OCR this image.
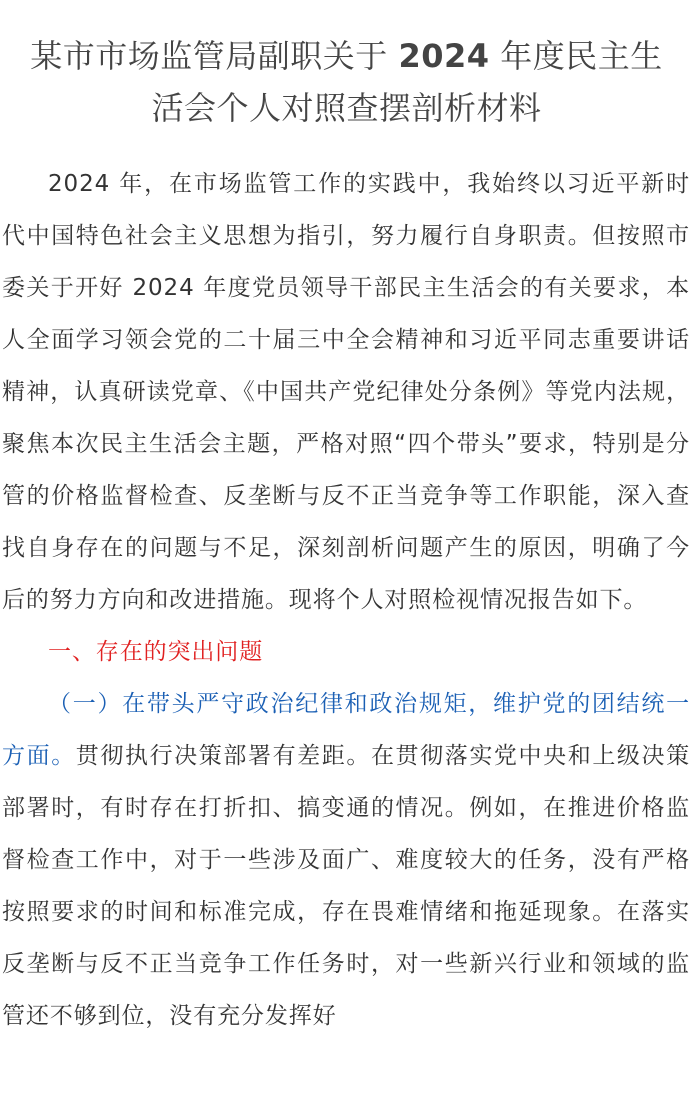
某市市场监管局副职关于 2024 年度民主生
活会个人对照查摆剖析材料

2024 年，在市场监管工作的实践中，我始终以习近平新时代中国特色社会主义思想为指引，努力履行自身职责。但按照市委关于开好 2024 年度党员领导干部民主生活会的有关要求，本人全面学习领会党的二十届三中全会精神和习近平同志重要讲话精神，认真研读党章、《中国共产党纪律处分条例》等党内法规，聚焦本次民主生活会主题，严格对照“四个带头”要求，特别是分管的价格监督检查、反垄断与反不正当竞争等工作职能，深入查找自身存在的问题与不足，深刻剖析问题产生的原因，明确了今后的努力方向和改进措施。现将个人对照检视情况报告如下。

一、存在的突出问题

（一）在带头严守政治纪律和政治规矩，维护党的团结统一方面。贯彻执行决策部署有差距。在贯彻落实党中央和上级决策部署时，有时存在打折扣、搞变通的情况。例如，在推进价格监督检查工作中，对于一些涉及面广、难度较大的任务，没有严格按照要求的时间和标准完成，存在畏难情绪和拖延现象。在落实反垄断与反不正当竞争工作任务时，对一些新兴行业和领域的监管还不够到位，没有充分发挥好
